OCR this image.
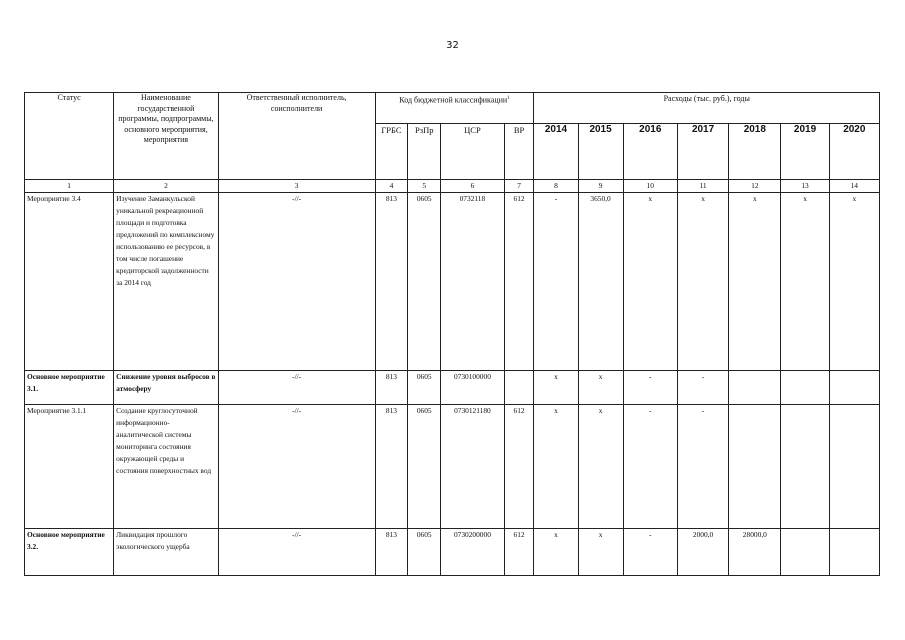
32
Статус	Наименование государственной программы, подпрограммы, основного мероприятия, мероприятия	Ответственный исполнитель, соисполнители	Код бюджетной классификации$^1$				Расходы (тыс. руб.), годы						
			ГРБС	РзПр	ЦСР	ВР	2014	2015	2016	2017	2018	2019	2020
1	2	3	4	5	6	7	8	9	10	11	12	13	14
Мероприятие 3.4	Изучение Заманкульской уникальной рекреационной площади и подготовка предложений по комплексному использованию ее ресурсов, в том числе погашение кредиторской задолженности за 2014 год	-//-	813	0605	0732118	612	-	3650,0	х	х	х	х	х
Основное мероприятие 3.1.	Снижение уровня выбросов в атмосферу	-//-	813	0605	0730100000		х	х	-	-			
Мероприятие 3.1.1	Создание круглосуточной информационно-аналитической системы мониторинга состояния окружающей среды и состояния поверхностных вод	-//-	813	0605	0730121180	612	х	х	-	-			
Основное мероприятие 3.2.	Ликвидация прошлого экологического ущерба	-//-	813	0605	0730200000	612	х	х	-	2000,0	28000,0		
